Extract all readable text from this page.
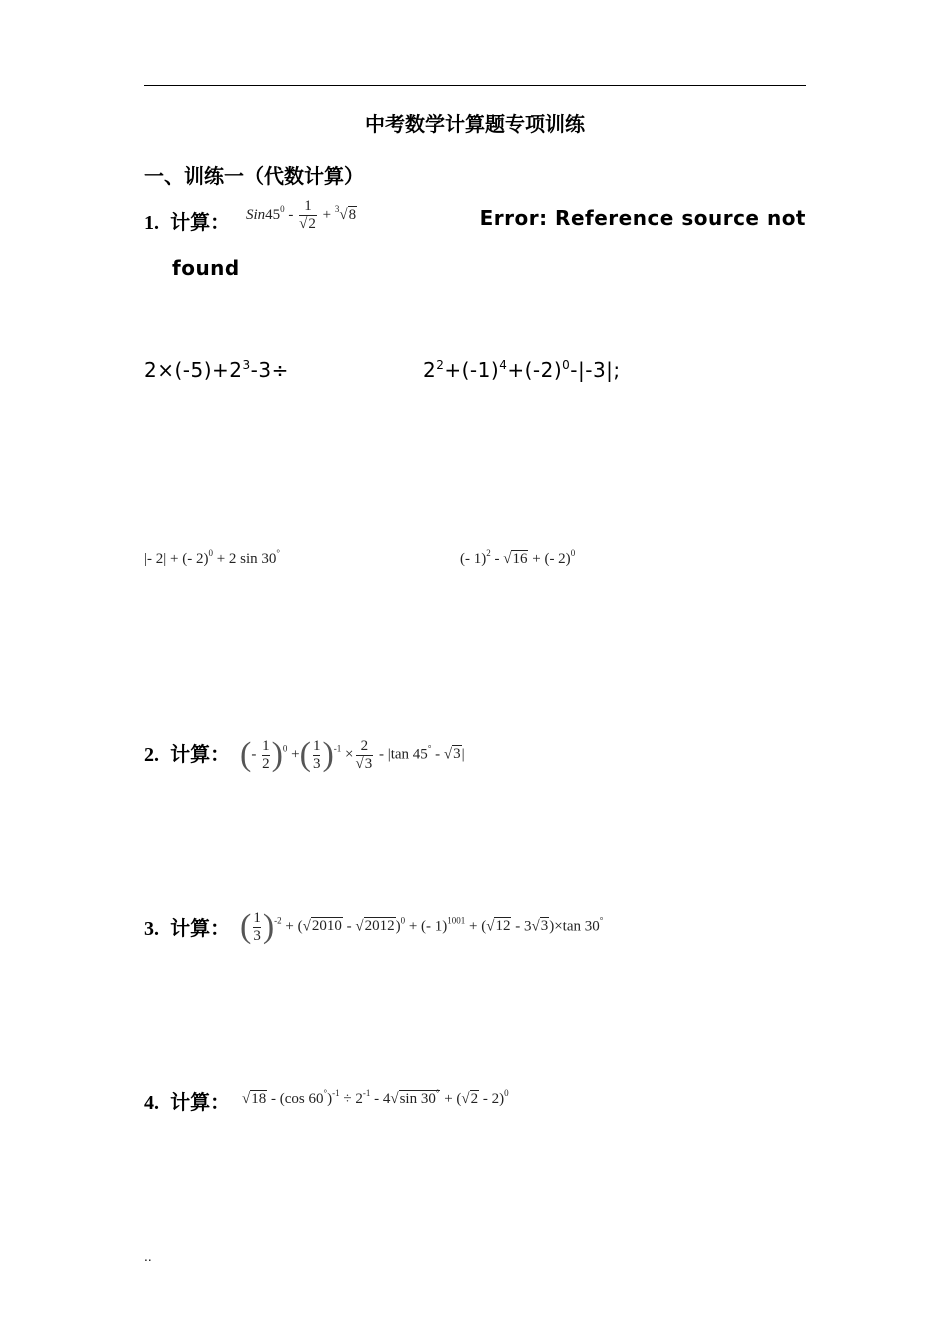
中考数学计算题专项训练
一、训练一（代数计算）
1. 计算： $Sin45^0 - \frac{1}{√2} + ^3√8$	Error: Reference source not
found
$2\times(-5)+2^3-3\div$	$2^2+(-1)^4+(-2)^0-|-3|$;
|- 2| + (- 2)$^0$ + 2 sin 30°	(- 1)$^2$ - √16 + (- 2)$^0$
2. 计算： (- $\frac{1}{2} )^0$ +( $\frac{1}{3} )^{-1} \times \frac{2}{√3} - |\tan$ 45° - √3|
3. 计算： ( $\frac{1}{3} )^{-2} + (√2010 - √2012)^0$ + (- 1)$^{1001}$ + (√12 - 3√3)×tan 30°
4. 计算： √18 - (cos $60^\circ)^{-1} \div 2^{-1} - 4√\sin$ 30° + (√2 - 2)$^0$
..
